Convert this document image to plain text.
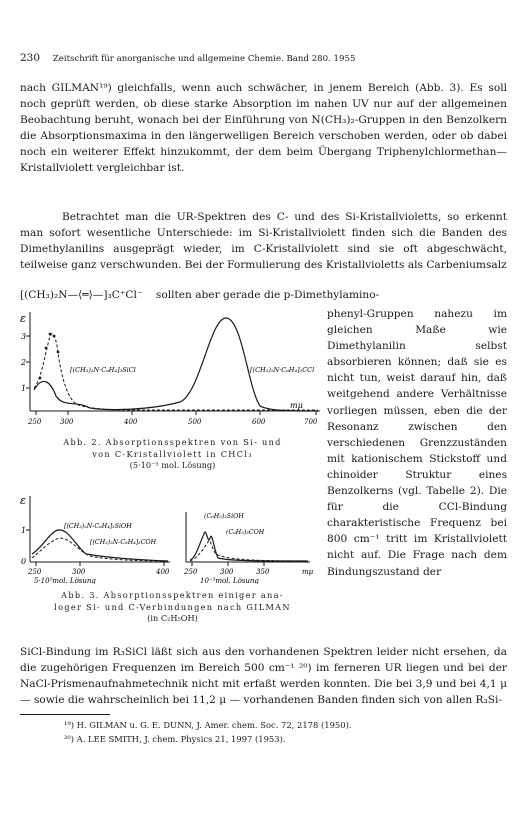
230 Zeitschrift für anorganische und allgemeine Chemie. Band 280. 1955
nach GILMAN¹⁹) gleichfalls, wenn auch schwächer, in jenem Bereich (Abb. 3). Es soll noch geprüft werden, ob diese starke Absorption im nahen UV nur auf der allgemeinen Beobachtung beruht, wonach bei der Einführung von N(CH₃)₂-Gruppen in den Benzolkern die Absorptionsmaxima in den längerwelligen Bereich verschoben werden, oder ob dabei noch ein weiterer Effekt hinzukommt, der dem beim Übergang Triphenylchlormethan—Kristallviolett vergleichbar ist.
Betrachtet man die UR-Spektren des C- und des Si-Kristallvioletts, so erkennt man sofort wesentliche Unterschiede: im Si-Kristallviolett finden sich die Banden des Dimethylanilins ausgeprägt wieder, im C-Kristallviolett sind sie oft abgeschwächt, teilweise ganz verschwunden. Bei der Formulierung des Kristallvioletts als Carbeniumsalz
[(CH₃)₂N—⟨═⟩—]₃C⁺Cl⁻ sollten aber gerade die p-Dimethylamino-
ε
1
2
3
250	300	400	500	600	700
mμ
[(CH₃)₂N·C₆H₄]₃SiCl	[(CH₃)₂N·C₆H₄]₃CCl
Abb. 2. Absorptionsspektren von Si- und
von C-Kristallviolett in CHCl₃
(5·10⁻⁵ mol. Lösung)
ε
0
1
250	300	400 250	300	350	mμ
5·10⁵mol. Lösung	10⁻³mol. Lösung
[(CH₃)₂N-C₆H₄]₃SiOH
[(CH₃)₂N-C₆H₄]₃COH
(C₆H₅)₃SiOH
(C₆H₅)₃COH
Abb. 3. Absorptionsspektren einiger ana-
loger Si- und C-Verbindungen nach GILMAN
(in C₂H₅OH)
phenyl-Gruppen nahezu im gleichen Maße wie Dimethylanilin selbst absorbieren können; daß sie es nicht tun, weist darauf hin, daß weitgehend andere Verhältnisse vorliegen müssen, eben die der Resonanz zwischen den verschiedenen Grenzzuständen mit kationischem Stickstoff und chinoider Struktur eines Benzolkerns (vgl. Tabelle 2). Die für die CCl-Bindung charakteristische Frequenz bei 800 cm⁻¹ tritt im Kristallviolett nicht auf. Die Frage nach dem Bindungszustand der
SiCl-Bindung im R₃SiCl läßt sich aus den vorhandenen Spektren leider nicht ersehen, da die zugehörigen Frequenzen im Bereich 500 cm⁻¹ ²⁰) im ferneren UR liegen und bei der NaCl-Prismenaufnahmetechnik nicht mit erfaßt werden konnten. Die bei 3,9 und bei 4,1 μ — sowie die wahrscheinlich bei 11,2 μ — vorhandenen Banden finden sich von allen R₃Si-
¹⁹) H. GILMAN u. G. E. DUNN, J. Amer. chem. Soc. 72, 2178 (1950).
²⁰) A. LEE SMITH, J. chem. Physics 21, 1997 (1953).
